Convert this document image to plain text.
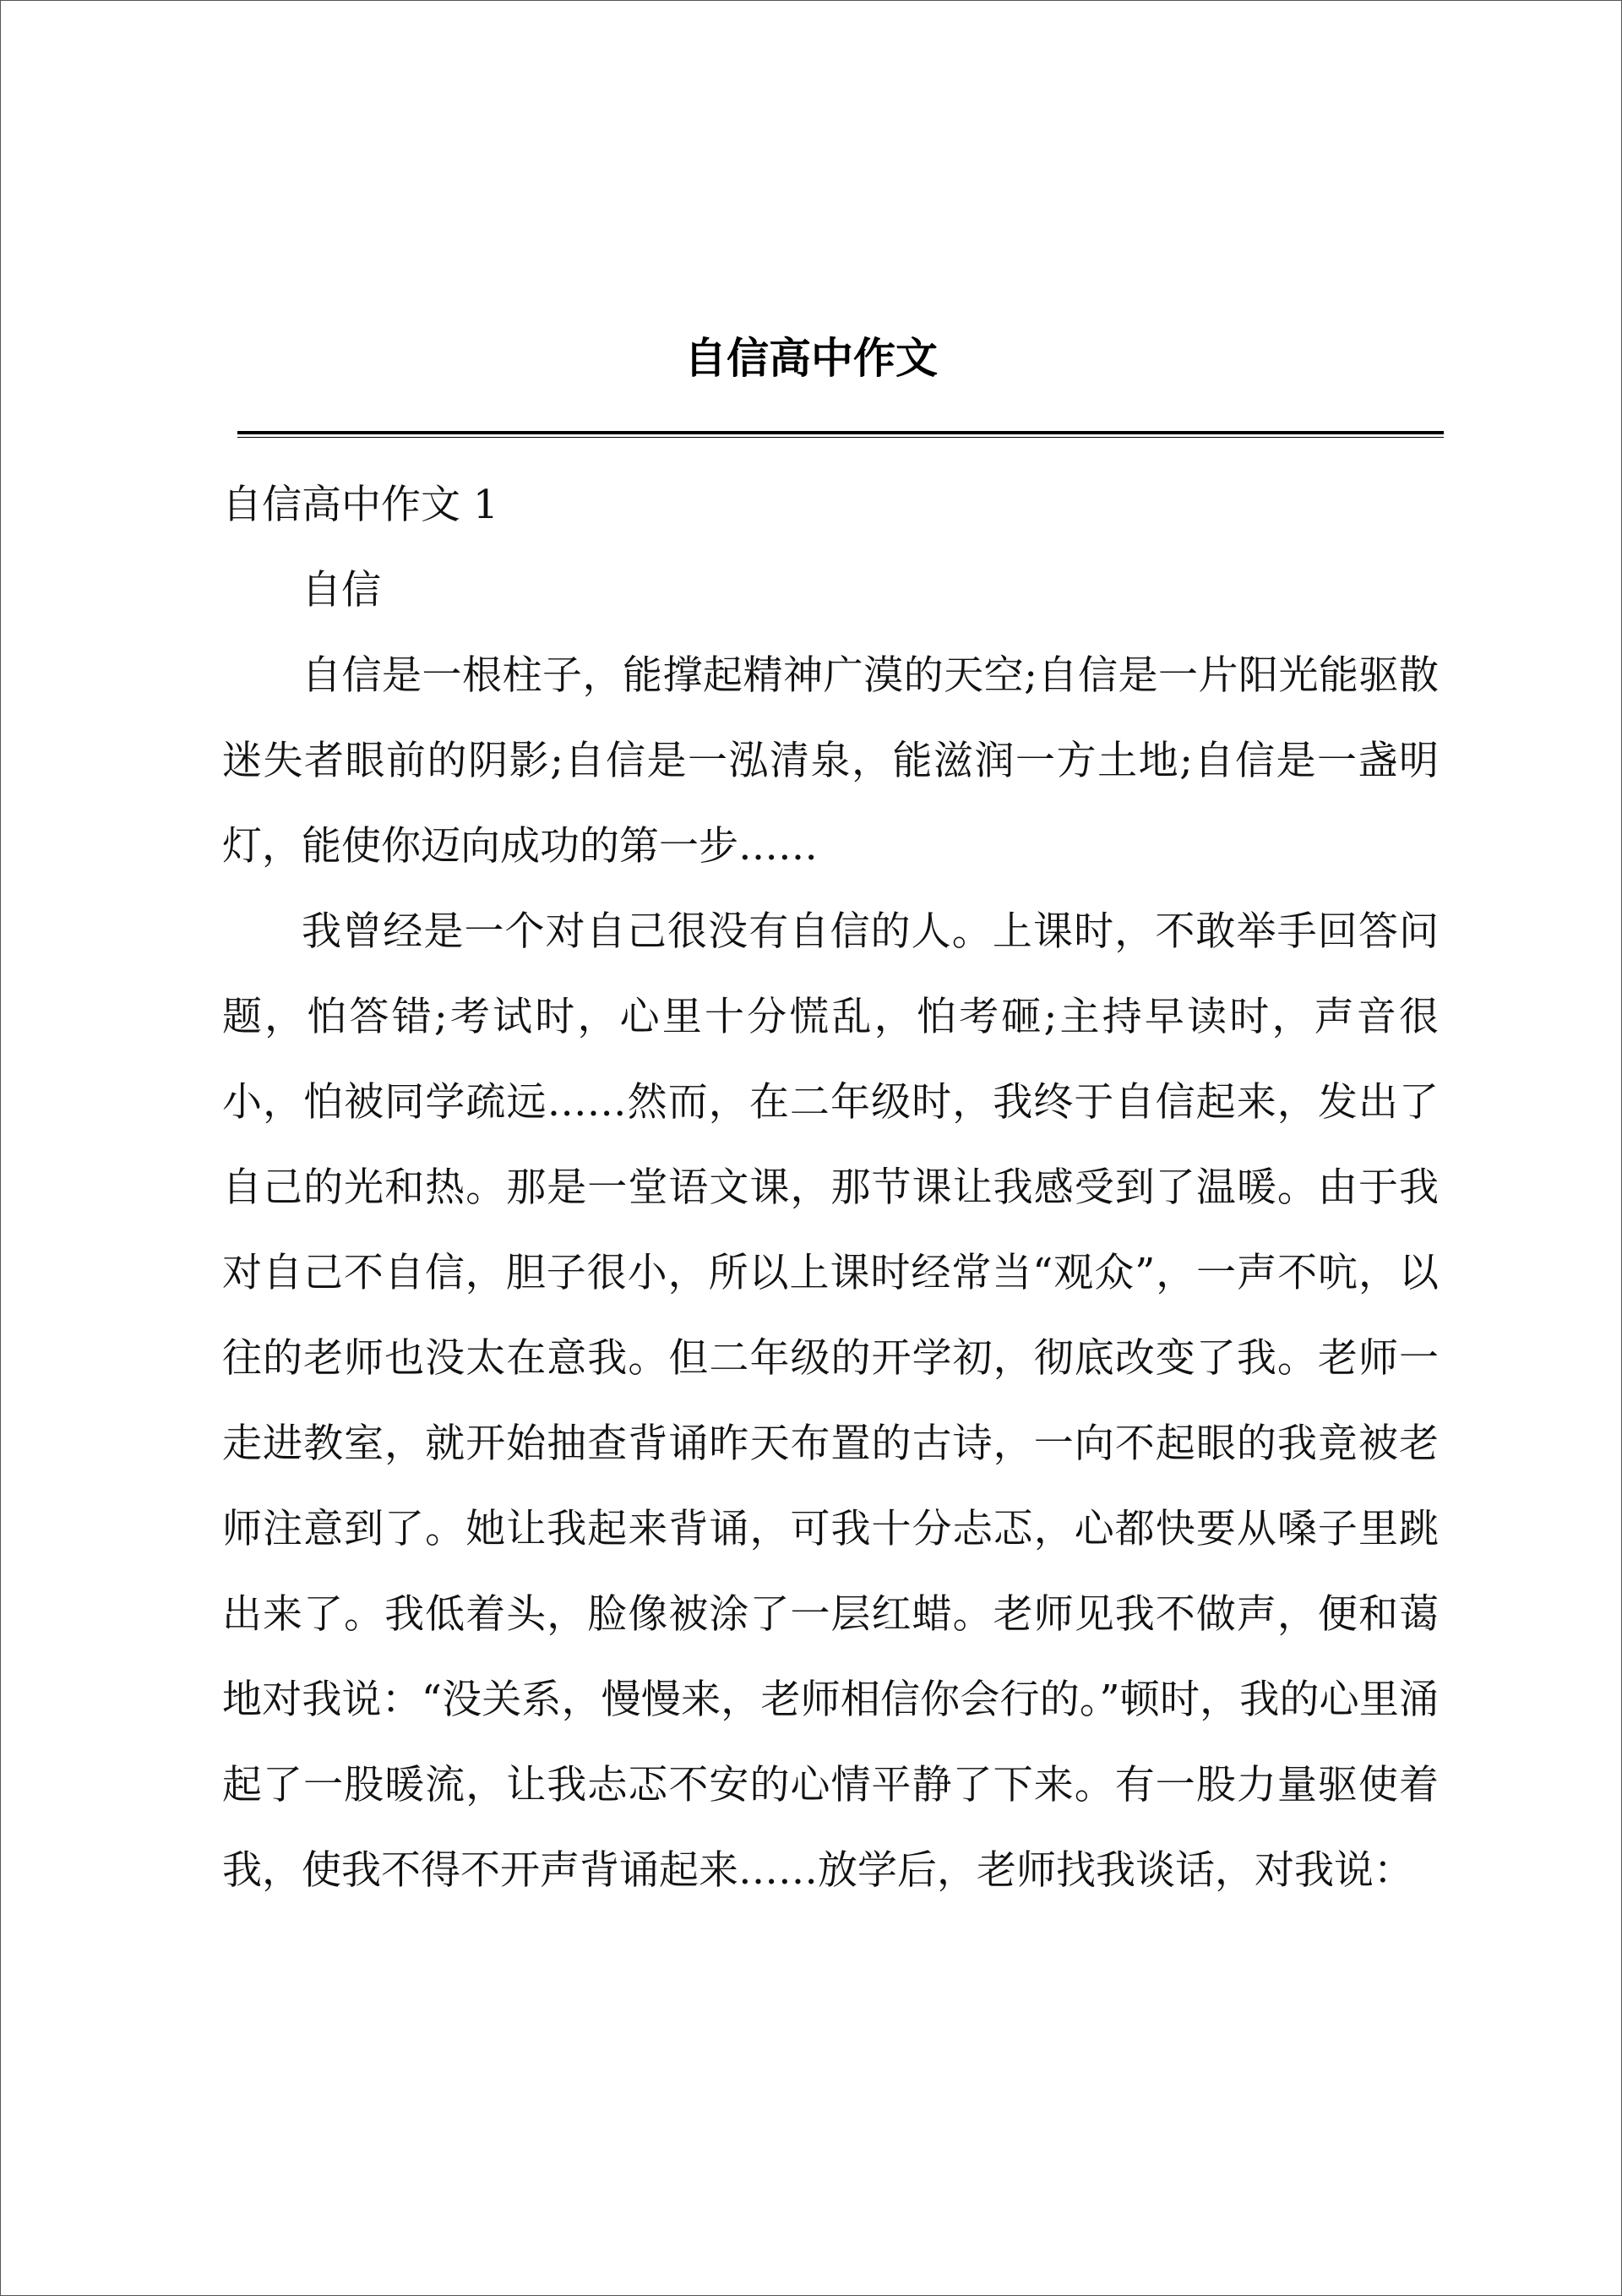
自信高中作文

自信高中作文 1

自信

自信是一根柱子，能撑起精神广漠的天空;自信是一片阳光能驱散迷失者眼前的阴影;自信是一泓清泉，能滋润一方土地;自信是一盏明灯，能使你迈向成功的第一步……

我曾经是一个对自己很没有自信的人。上课时，不敢举手回答问题，怕答错;考试时，心里十分慌乱，怕考砸;主持早读时，声音很小，怕被同学疏远……然而，在二年级时，我终于自信起来，发出了自己的光和热。那是一堂语文课，那节课让我感受到了温暖。由于我对自己不自信，胆子很小，所以上课时经常当“观众”，一声不吭，以往的老师也没太在意我。但二年级的开学初，彻底改变了我。老师一走进教室，就开始抽查背诵昨天布置的古诗，一向不起眼的我竟被老师注意到了。她让我起来背诵，可我十分忐忑，心都快要从嗓子里跳出来了。我低着头，脸像被涂了一层红蜡。老师见我不做声，便和蔼地对我说：“没关系，慢慢来，老师相信你会行的。”顿时，我的心里涌起了一股暖流，让我忐忑不安的心情平静了下来。有一股力量驱使着我，使我不得不开声背诵起来……放学后，老师找我谈话，对我说：
